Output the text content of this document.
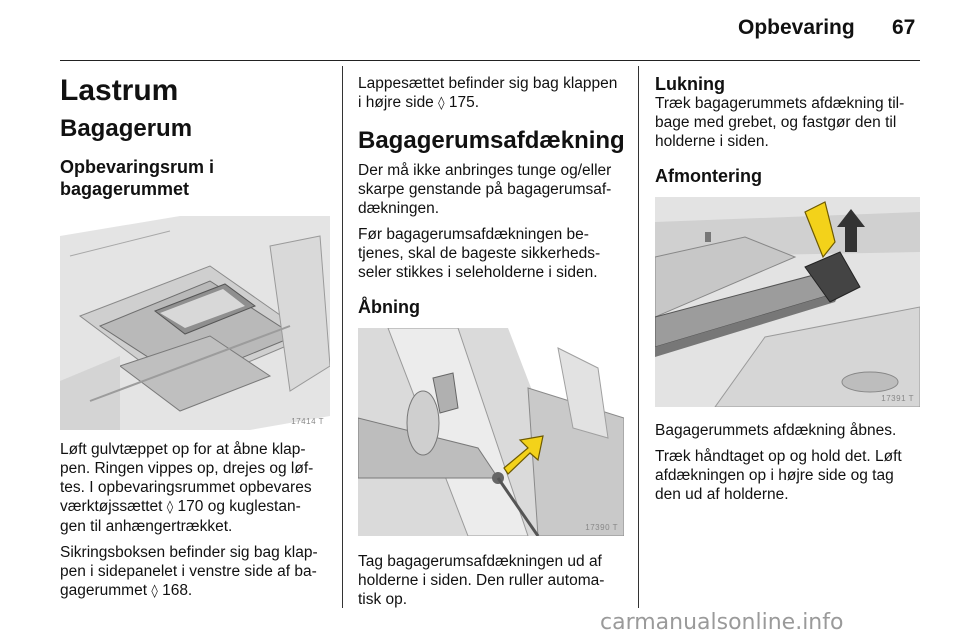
Opbevaring 67
Lastrum
Bagagerum
Opbevaringsrum i
bagagerummet
17414 T

Løft gulvtæppet op for at åbne klap-
pen. Ringen vippes op, drejes og løf-
tes. I opbevaringsrummet opbevares
værktøjssættet ◊ 170 og kuglestan-
gen til anhængertrækket.

Sikringsboksen befinder sig bag klap-
pen i sidepanelet i venstre side af ba-
gagerummet ◊ 168.

Lappesættet befinder sig bag klappen
i højre side ◊ 175.

Bagagerumsafdækning

Der må ikke anbringes tunge og/eller
skarpe genstande på bagagerumsaf-
dækningen.

Før bagagerumsafdækningen be-
tjenes, skal de bageste sikkerheds-
seler stikkes i seleholderne i siden.

Åbning
17390 T

Tag bagagerumsafdækningen ud af
holderne i siden. Den ruller automa-
tisk op.

Lukning

Træk bagagerummets afdækning til-
bage med grebet, og fastgør den til
holderne i siden.

Afmontering
17391 T

Bagagerummets afdækning åbnes.

Træk håndtaget op og hold det. Løft
afdækningen op i højre side og tag
den ud af holderne.

carmanualsonline.info
